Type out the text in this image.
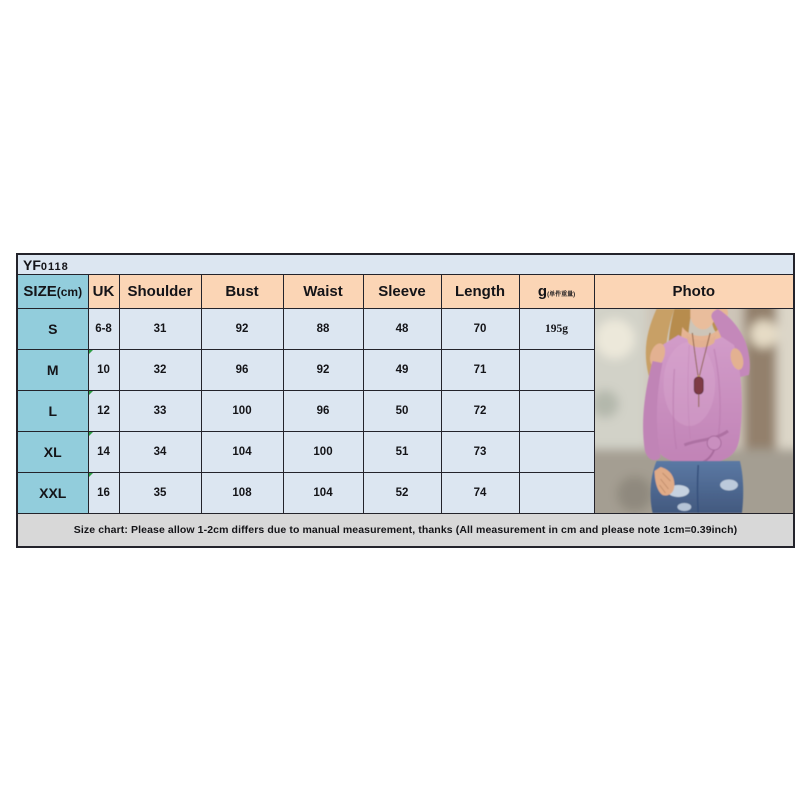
YF0118								
SIZE(cm)	UK	Shoulder	Bust	Waist	Sleeve	Length	g(单件重量)	Photo
S	6-8	31	92	88	48	70	195g	

M	10	32	96	92	49	71		
L	12	33	100	96	50	72		
XL	14	34	104	100	51	73		
XXL	16	35	108	104	52	74		
Size chart: Please allow 1-2cm differs due to manual measurement, thanks (All measurement in cm and please note 1cm=0.39inch)								
